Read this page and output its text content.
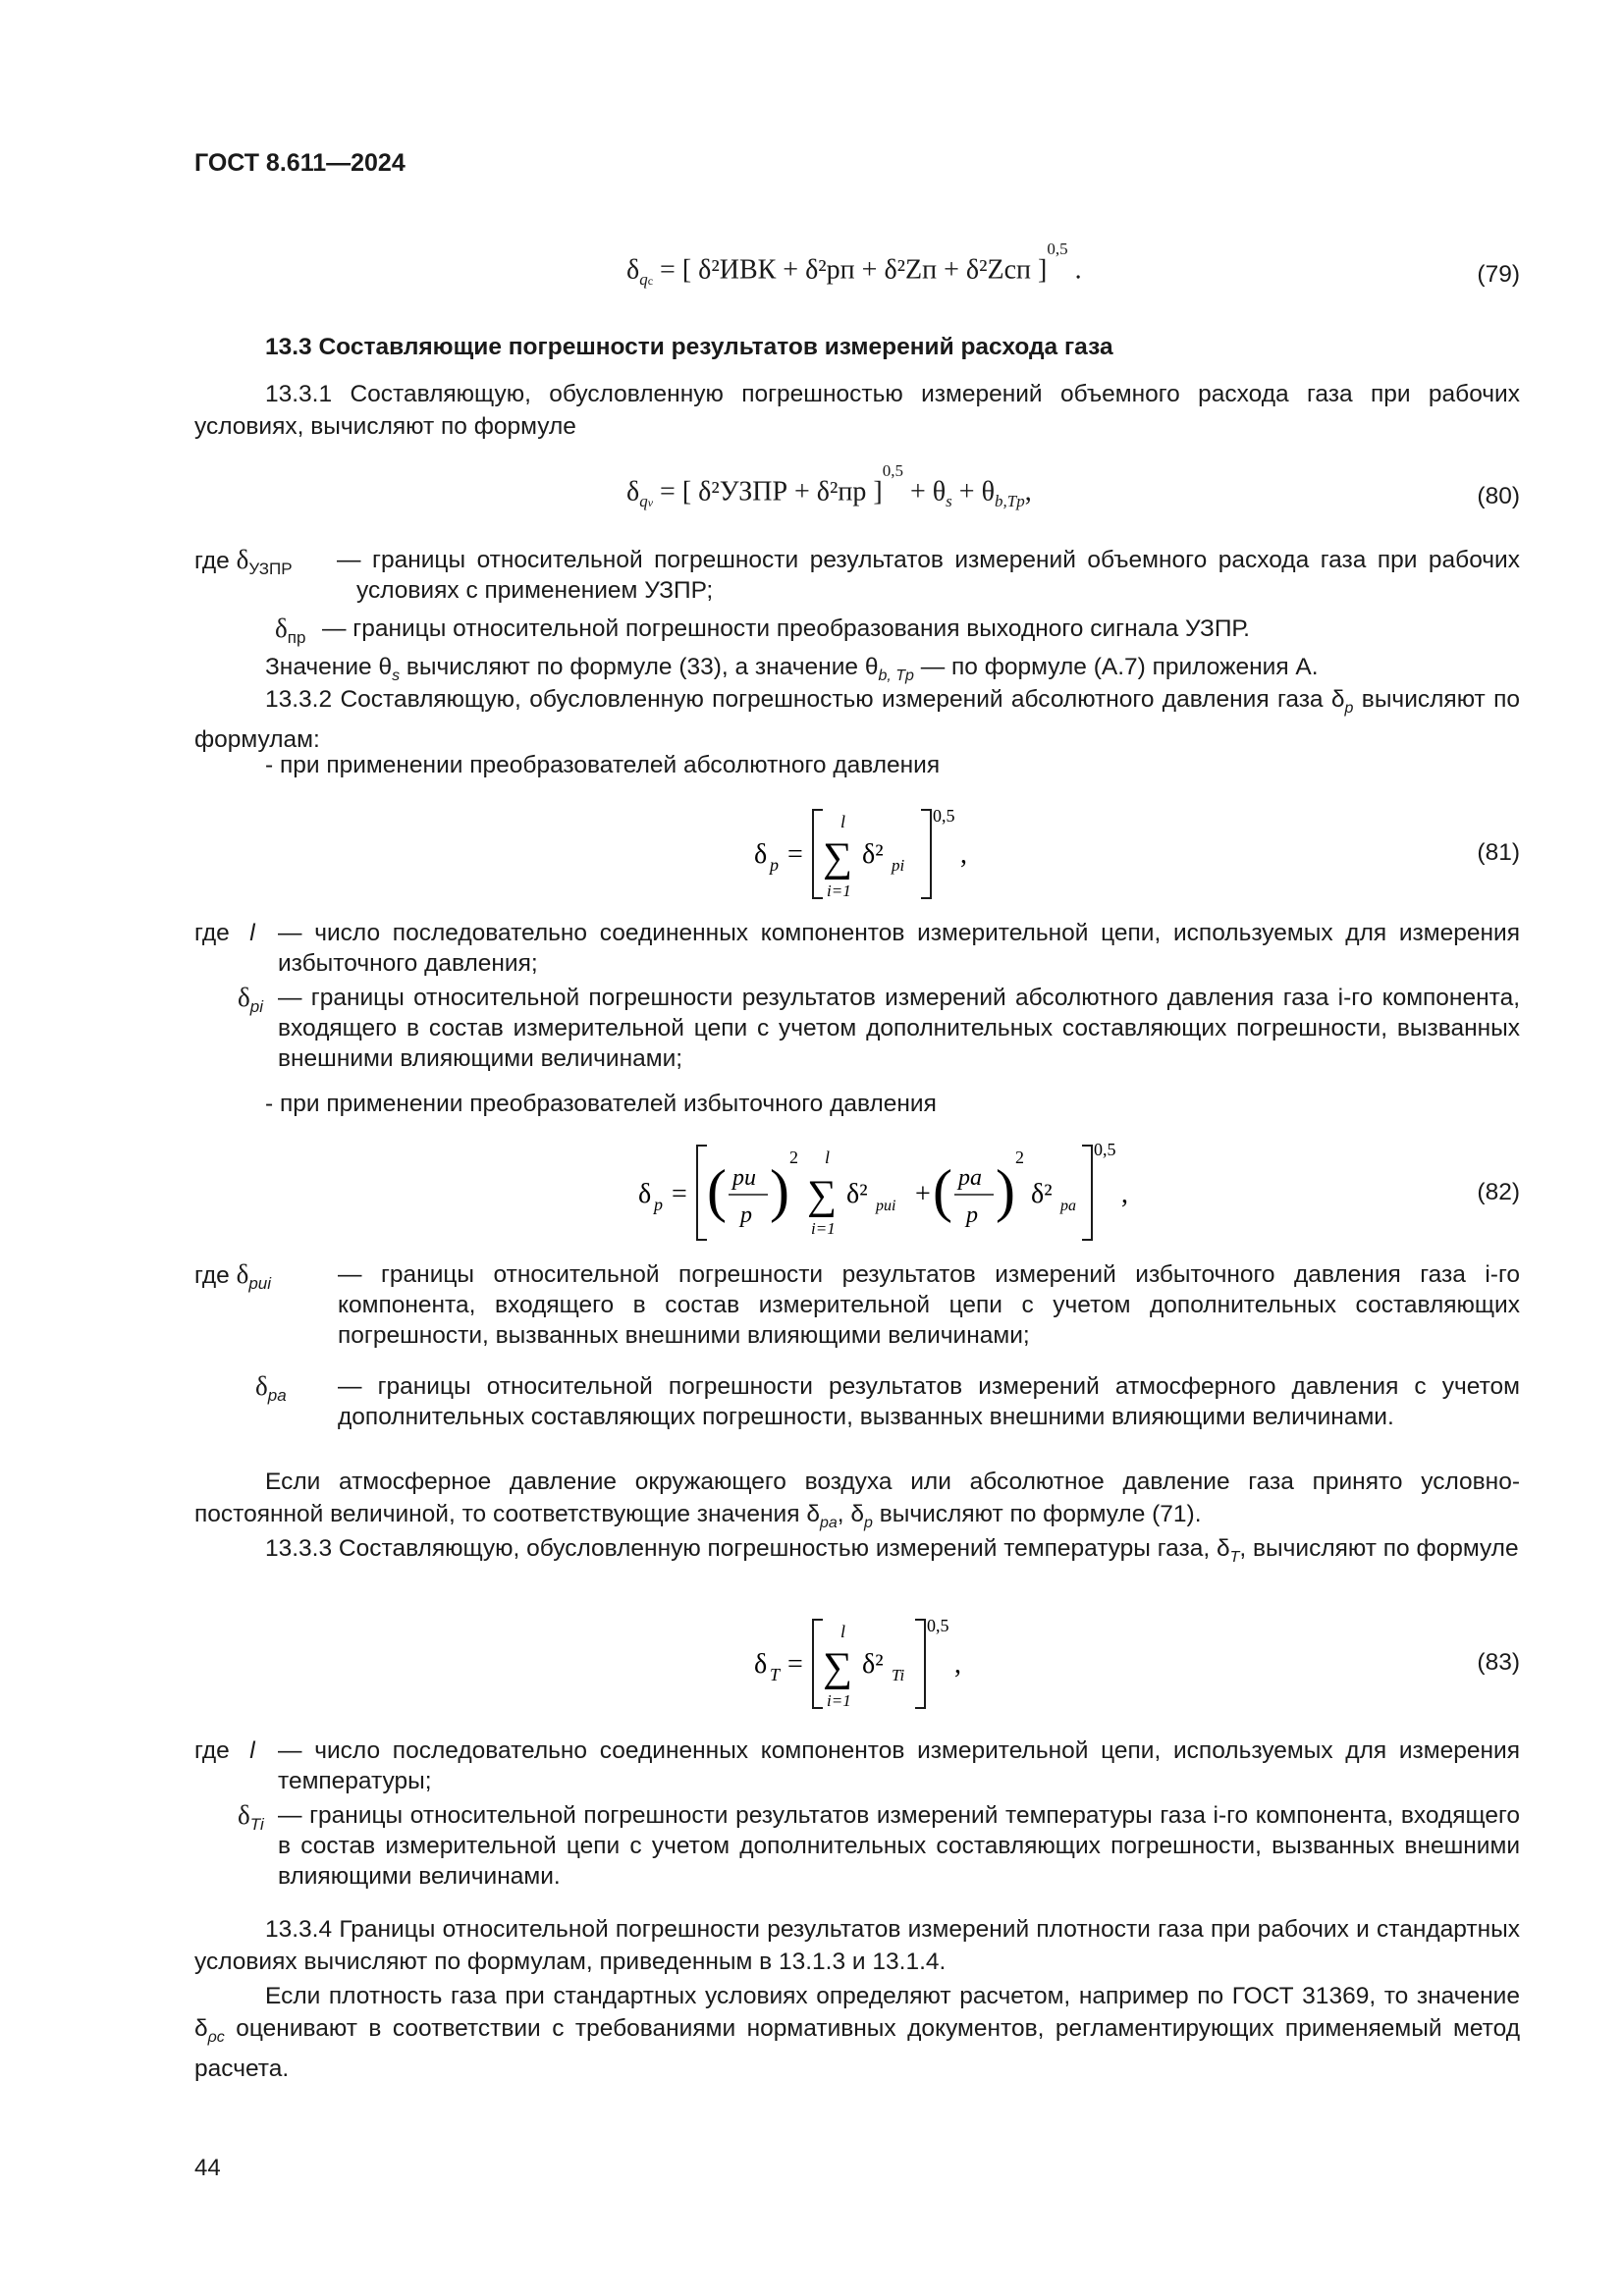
ГОСТ 8.611—2024
$\delta_{qс}$ = [ δ²ИВК + δ²pп + δ²Zп + δ²Zсп ]$^{0,5}$ .	(79)
13.3 Составляющие погрешности результатов измерений расхода газа
13.3.1 Составляющую, обусловленную погрешностью измерений объемного расхода газа при рабочих условиях, вычисляют по формуле
$\delta_{qv}$ = [ δ²УЗПР + δ²пр ]$^{0,5} + \theta_s + \theta_{b,Tp}$,	(80)
где $\delta_{УЗПР}$ — границы относительной погрешности результатов измерений объемного расхода газа при рабочих условиях с применением УЗПР;
$\delta_{пр}$ — границы относительной погрешности преобразования выходного сигнала УЗПР.
Значение $\theta_s$ вычисляют по формуле (33), а значение $\theta_{b, Tp}$ — по формуле (А.7) приложения А.
13.3.2 Составляющую, обусловленную погрешностью измерений абсолютного давления газа $\delta_p$ вычисляют по формулам:
- при применении преобразователей абсолютного давления
δ p =
l
∑
i=1
δ² pi
0,5
,	(81)
где l — число последовательно соединенных компонентов измерительной цепи, используемых для измерения избыточного давления;
$\delta_{pi}$ — границы относительной погрешности результатов измерений абсолютного давления газа i-го компонента, входящего в состав измерительной цепи с учетом дополнительных составляющих погрешности, вызванных внешними влияющими величинами;
- при применении преобразователей избыточного давления
δ p = ( pи
p )
2 l
∑
i=1
δ² pиi + ( pа
p )
2
δ² pа
0,5
,	(82)
где $\delta_{pиi}$	— границы относительной погрешности результатов измерений избыточного давления газа i-го компонента, входящего в состав измерительной цепи с учетом дополнительных составляющих погрешности, вызванных внешними влияющими величинами;
$\delta_{pа}$ — границы относительной погрешности результатов измерений атмосферного давления с учетом дополнительных составляющих погрешности, вызванных внешними влияющими величинами.
Если атмосферное давление окружающего воздуха или абсолютное давление газа принято условно-постоянной величиной, то соответствующие значения $\delta_{pа}$, $\delta_p$ вычисляют по формуле (71).
13.3.3 Составляющую, обусловленную погрешностью измерений температуры газа, $\delta_T$, вычисляют по формуле
δ T =
l
∑
i=1
δ² Ti
0,5
,	(83)
где l — число последовательно соединенных компонентов измерительной цепи, используемых для измерения температуры;
$\delta_{Ti}$ — границы относительной погрешности результатов измерений температуры газа i-го компонента, входящего в состав измерительной цепи с учетом дополнительных составляющих погрешности, вызванных внешними влияющими величинами.
13.3.4 Границы относительной погрешности результатов измерений плотности газа при рабочих и стандартных условиях вычисляют по формулам, приведенным в 13.1.3 и 13.1.4.
Если плотность газа при стандартных условиях определяют расчетом, например по ГОСТ 31369, то значение $\delta_{\rho с}$ оценивают в соответствии с требованиями нормативных документов, регламентирующих применяемый метод расчета.
44
